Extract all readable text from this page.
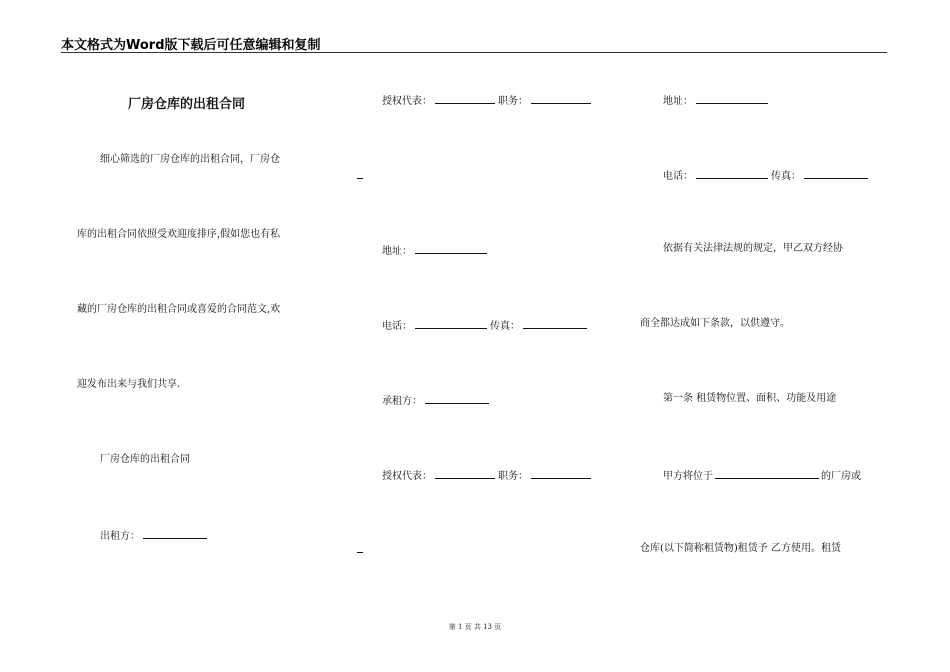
本文格式为Word版下载后可任意编辑和复制
厂房仓库的出租合同
细心筛选的厂房仓库的出租合同，厂房仓
库的出租合同依照受欢迎度排序,假如您也有私
藏的厂房仓库的出租合同或喜爱的合同范文,欢
迎发布出来与我们共享.
厂房仓库的出租合同
出租方：
授权代表：	职务：
地址：
电话：	传真：
承租方：
授权代表：	职务：
地址：
电话：	传真：
依据有关法律法规的规定，甲乙双方经协
商全都达成如下条款，以供遵守。
第一条 租赁物位置、面积、功能及用途
甲方将位于	的厂房或
仓库(以下简称租赁物)租赁予 乙方使用。租赁
第 1 页 共 13 页
